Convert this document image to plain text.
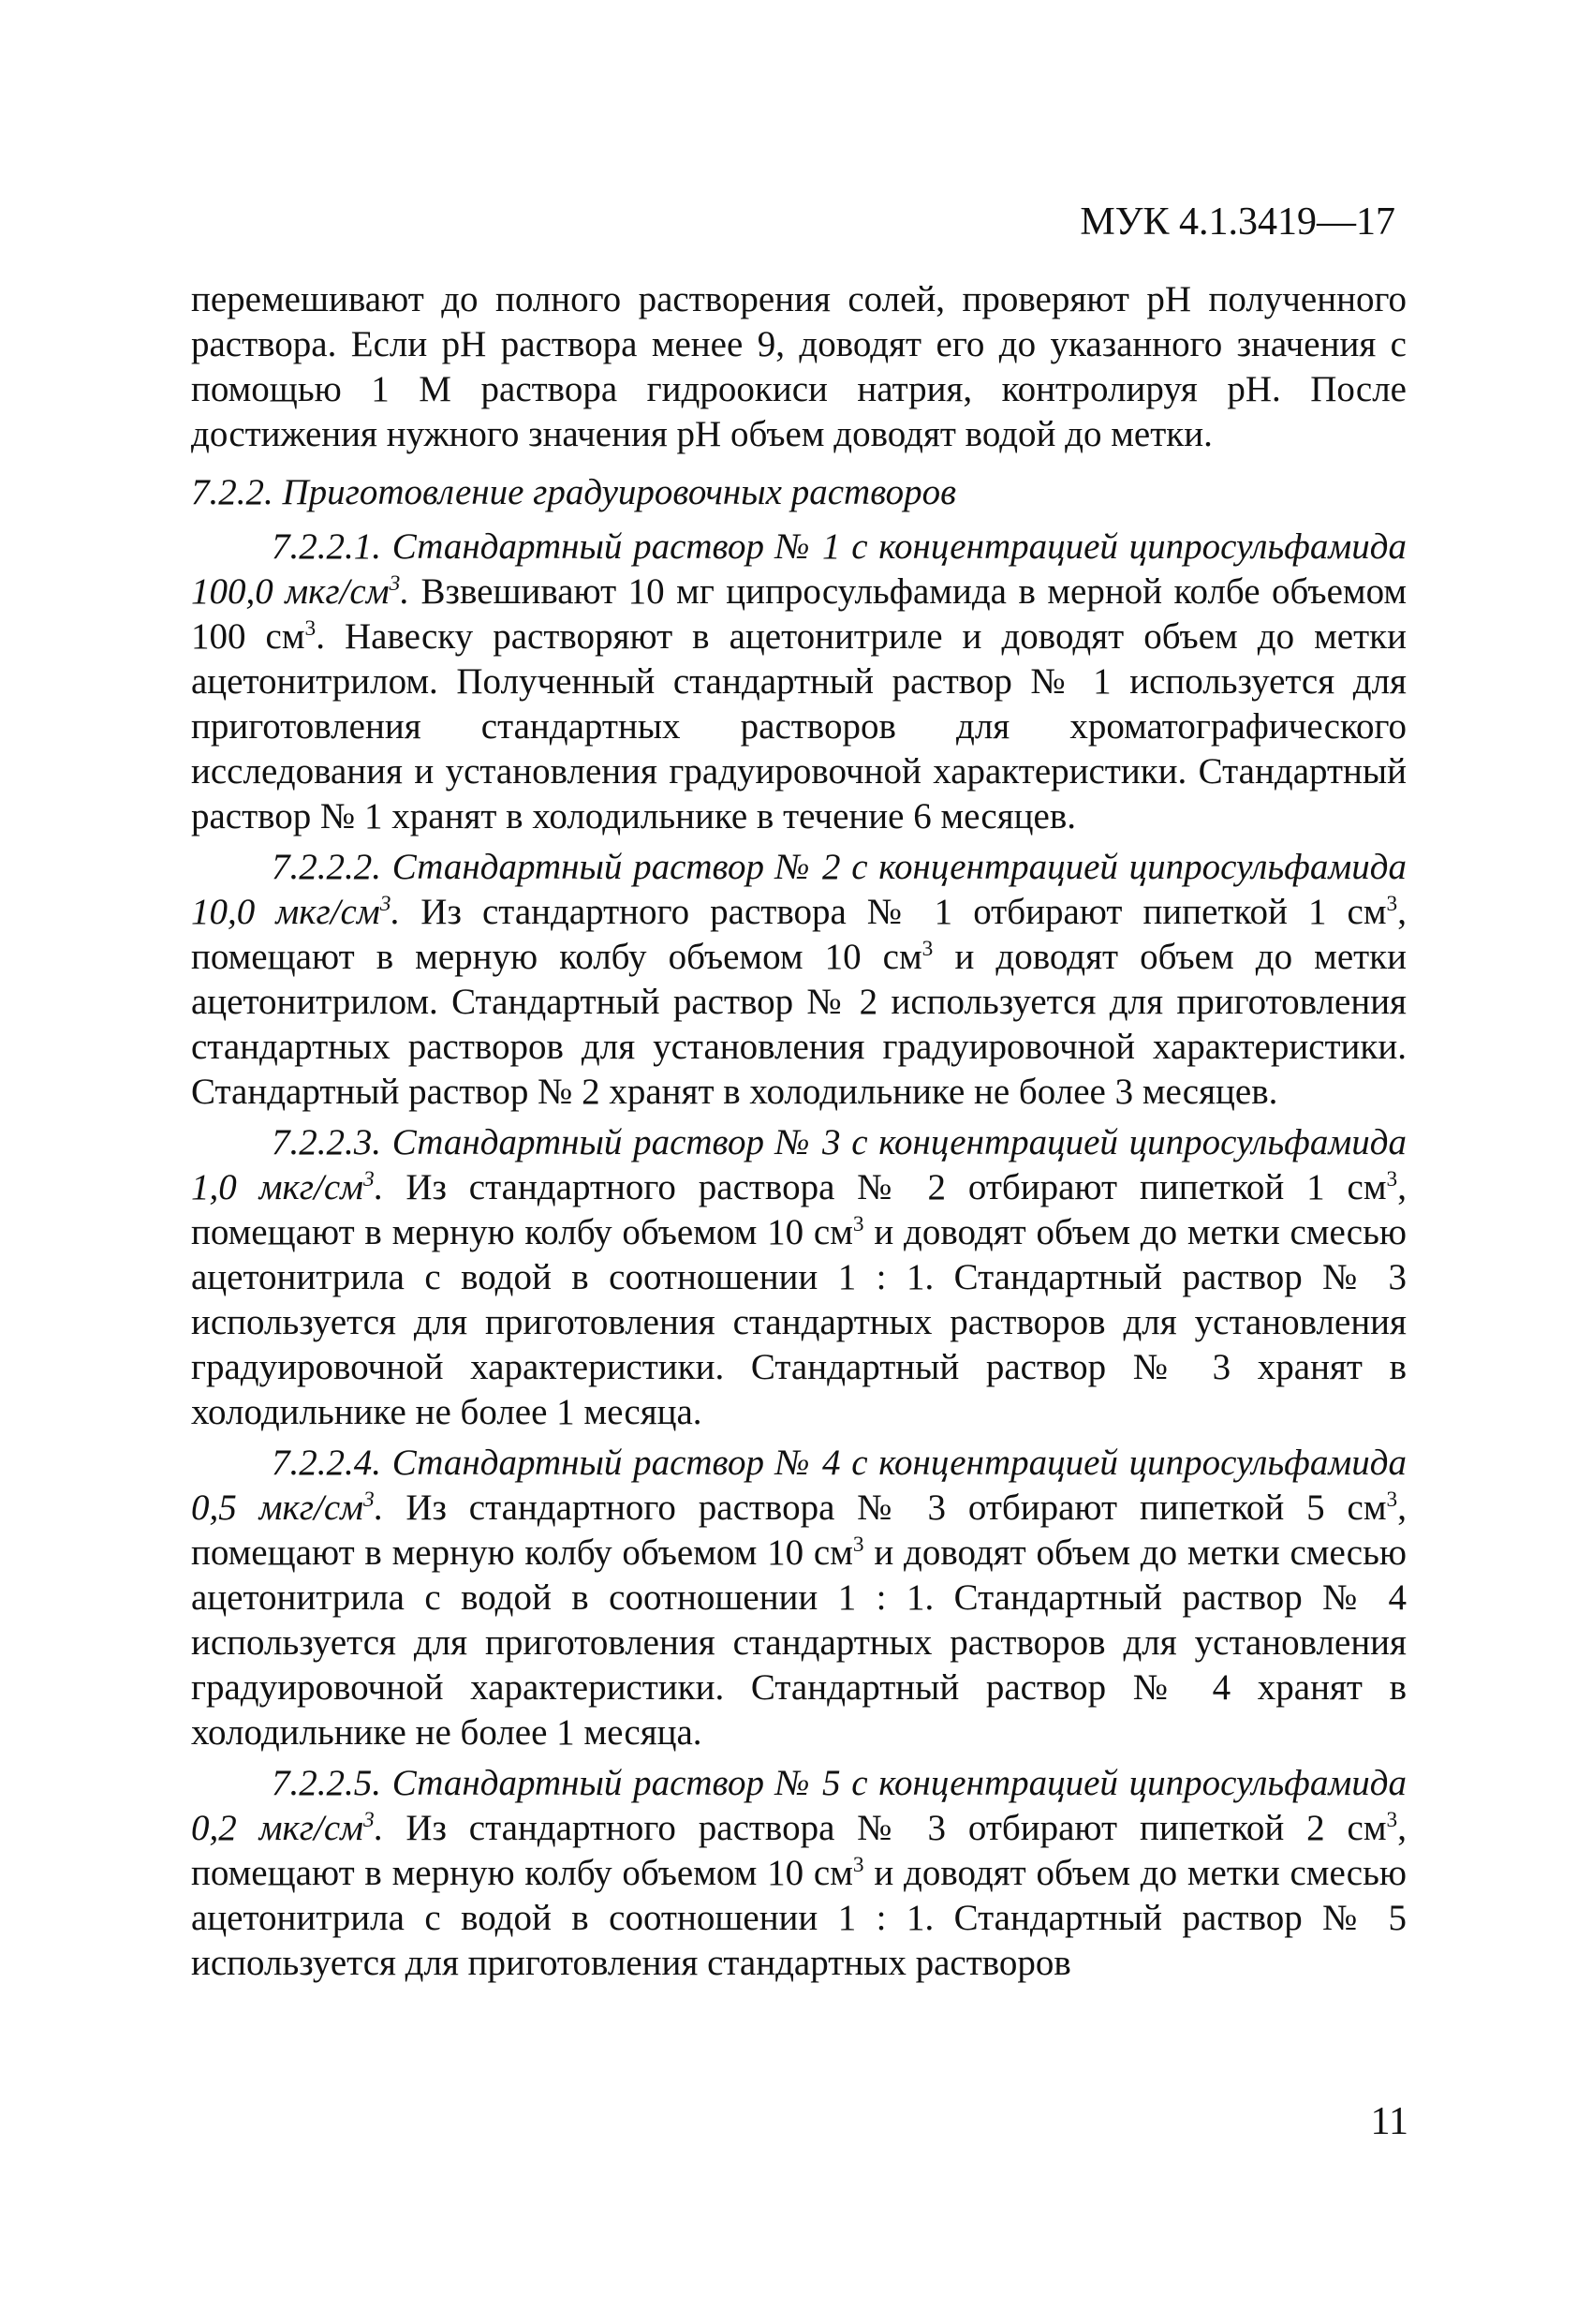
МУК 4.1.3419—17

перемешивают до полного растворения солей, проверяют рН полученного раствора. Если рН раствора менее 9, доводят его до указанного значения с помощью 1 М раствора гидроокиси натрия, контролируя рН. После достижения нужного значения рН объем доводят водой до метки.

7.2.2. Приготовление градуировочных растворов

7.2.2.1. Стандартный раствор № 1 с концентрацией ципросульфамида 100,0 мкг/$см^3$. Взвешивают 10 мг ципросульфамида в мерной колбе объемом 100 $см^3$. Навеску растворяют в ацетонитриле и доводят объем до метки ацетонитрилом. Полученный стандартный раствор № 1 используется для приготовления стандартных растворов для хроматографического исследования и установления градуировочной характеристики. Стандартный раствор № 1 хранят в холодильнике в течение 6 месяцев.

7.2.2.2. Стандартный раствор № 2 с концентрацией ципросульфамида 10,0 мкг/$см^3$. Из стандартного раствора № 1 отбирают пипеткой 1 $см^3$, помещают в мерную колбу объемом 10 $см^3$ и доводят объем до метки ацетонитрилом. Стандартный раствор № 2 используется для приготовления стандартных растворов для установления градуировочной характеристики. Стандартный раствор № 2 хранят в холодильнике не более 3 месяцев.

7.2.2.3. Стандартный раствор № 3 с концентрацией ципросульфамида 1,0 мкг/$см^3$. Из стандартного раствора № 2 отбирают пипеткой 1 $см^3$, помещают в мерную колбу объемом 10 $см^3$ и доводят объем до метки смесью ацетонитрила с водой в соотношении 1 : 1. Стандартный раствор № 3 используется для приготовления стандартных растворов для установления градуировочной характеристики. Стандартный раствор № 3 хранят в холодильнике не более 1 месяца.

7.2.2.4. Стандартный раствор № 4 с концентрацией ципросульфамида 0,5 мкг/$см^3$. Из стандартного раствора № 3 отбирают пипеткой 5 $см^3$, помещают в мерную колбу объемом 10 $см^3$ и доводят объем до метки смесью ацетонитрила с водой в соотношении 1 : 1. Стандартный раствор № 4 используется для приготовления стандартных растворов для установления градуировочной характеристики. Стандартный раствор № 4 хранят в холодильнике не более 1 месяца.

7.2.2.5. Стандартный раствор № 5 с концентрацией ципросульфамида 0,2 мкг/$см^3$. Из стандартного раствора № 3 отбирают пипеткой 2 $см^3$, помещают в мерную колбу объемом 10 $см^3$ и доводят объем до метки смесью ацетонитрила с водой в соотношении 1 : 1. Стандартный раствор № 5 используется для приготовления стандартных растворов

11
